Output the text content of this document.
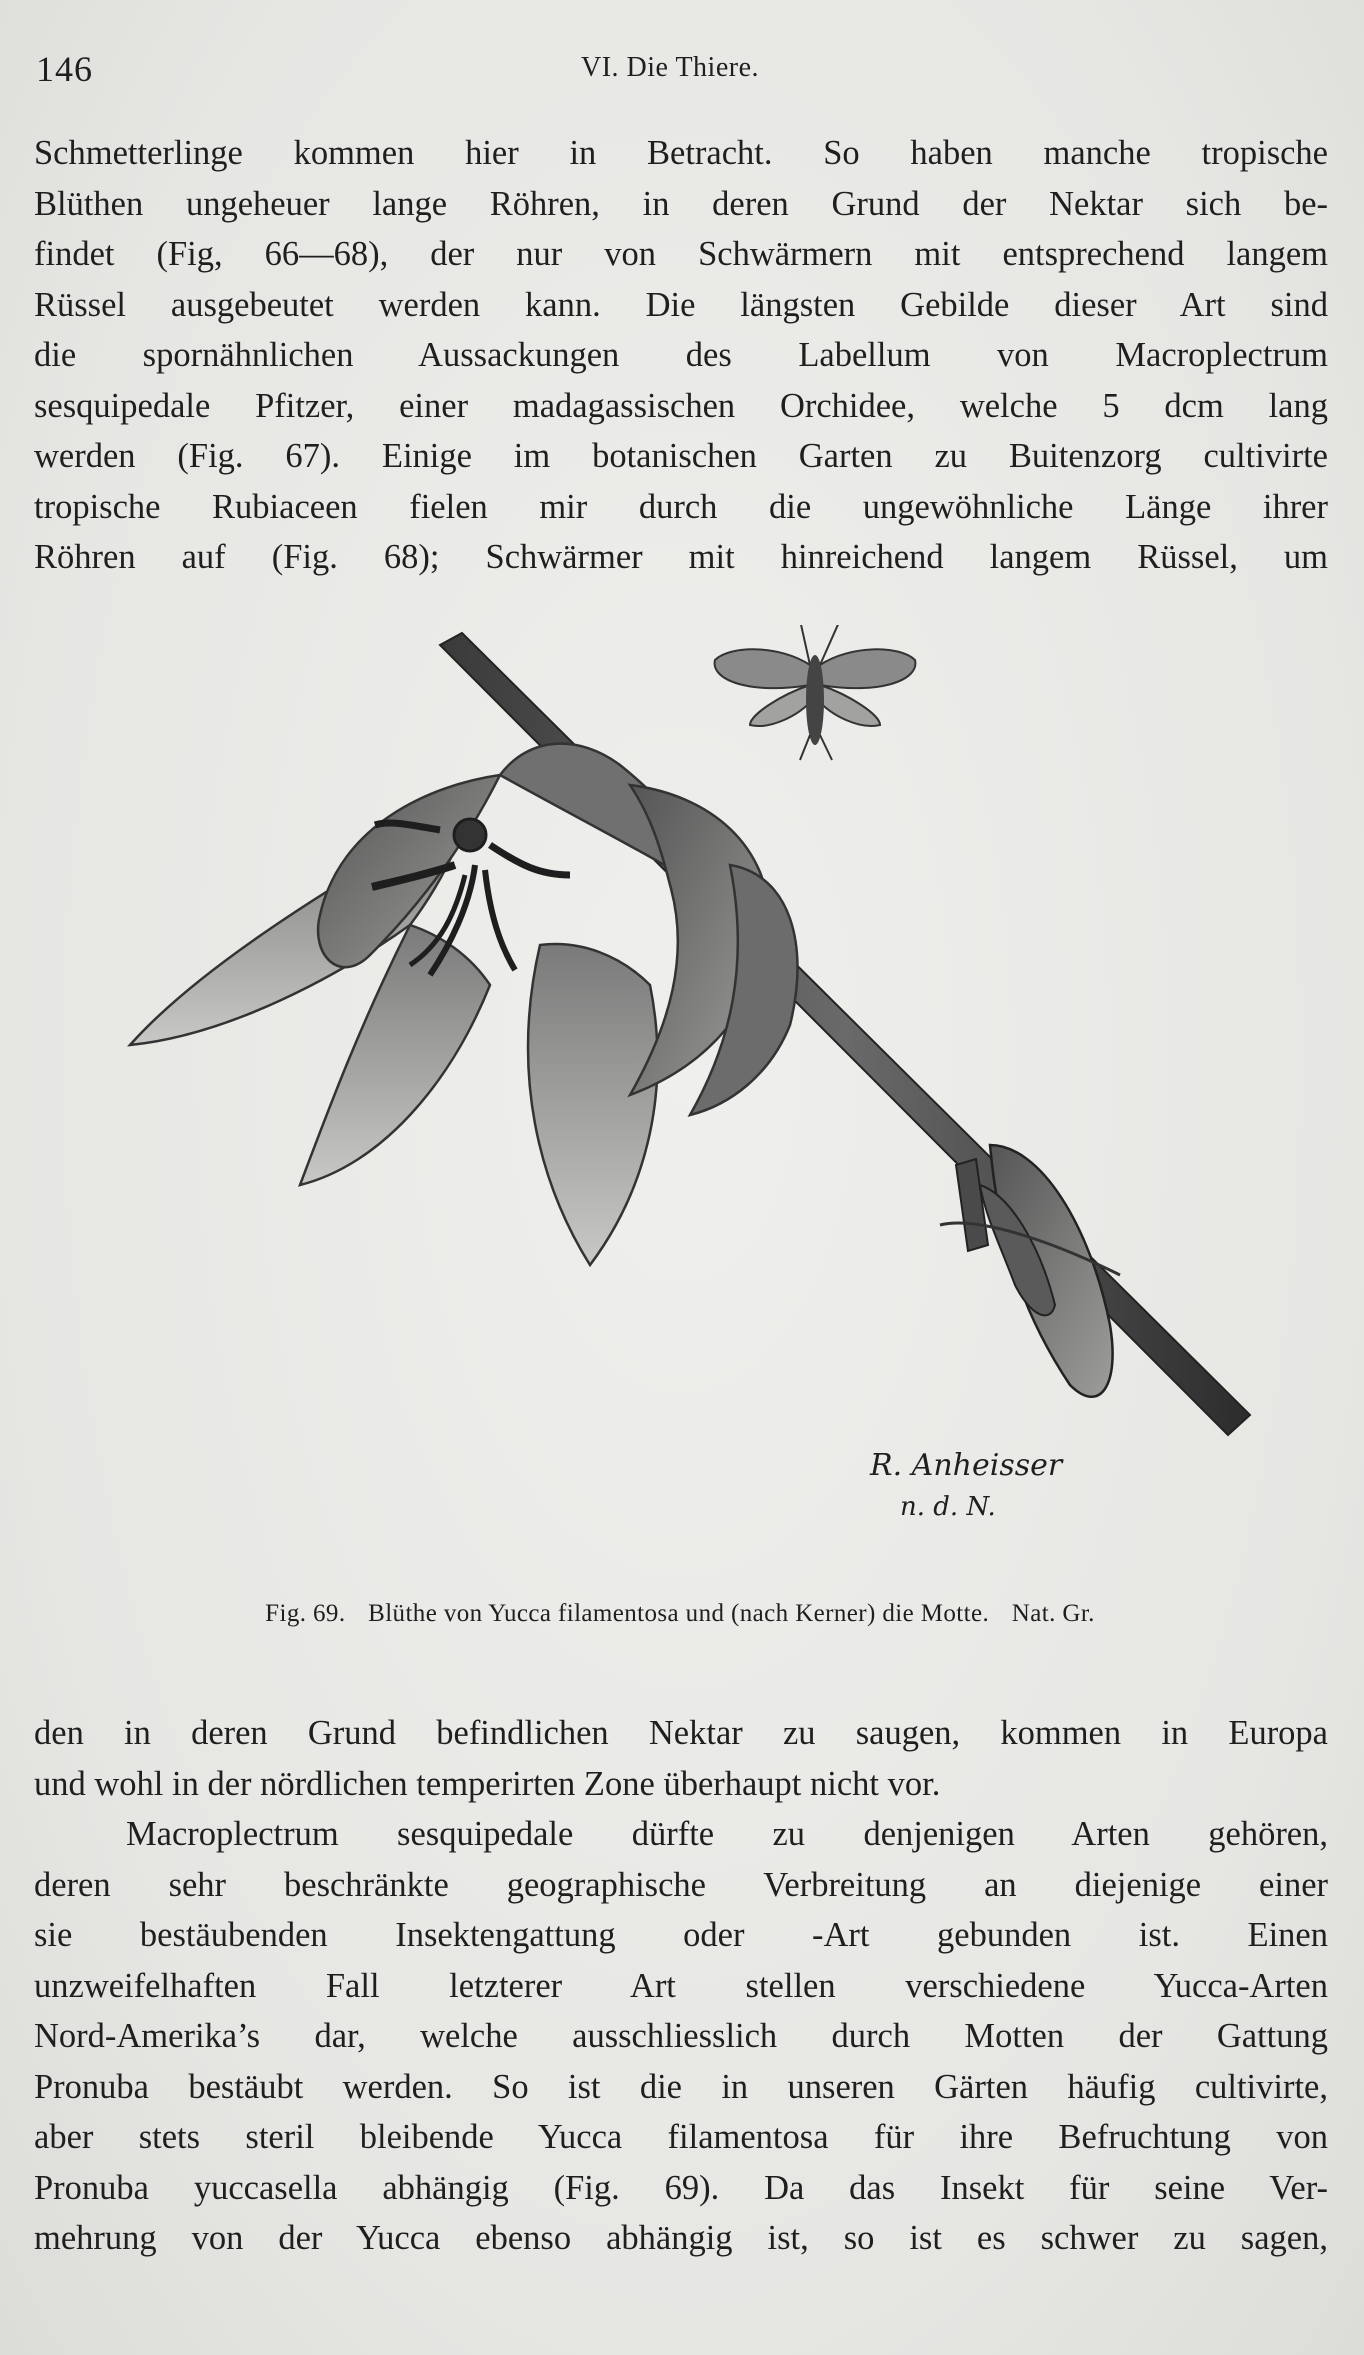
146	VI. Die Thiere.
Schmetterlinge kommen hier in Betracht. So haben manche tropische
Blüthen ungeheuer lange Röhren, in deren Grund der Nektar sich be-
findet (Fig, 66—68), der nur von Schwärmern mit entsprechend langem
Rüssel ausgebeutet werden kann. Die längsten Gebilde dieser Art sind
die spornähnlichen Aussackungen des Labellum von Macroplectrum
sesquipedale Pfitzer, einer madagassischen Orchidee, welche 5 dcm lang
werden (Fig. 67). Einige im botanischen Garten zu Buitenzorg cultivirte
tropische Rubiaceen fielen mir durch die ungewöhnliche Länge ihrer
Röhren auf (Fig. 68); Schwärmer mit hinreichend langem Rüssel, um
R. Anheisser
n. d. N.
Fig. 69. Blüthe von Yucca filamentosa und (nach Kerner) die Motte. Nat. Gr.
den in deren Grund befindlichen Nektar zu saugen, kommen in Europa
und wohl in der nördlichen temperirten Zone überhaupt nicht vor.
Macroplectrum sesquipedale dürfte zu denjenigen Arten gehören,
deren sehr beschränkte geographische Verbreitung an diejenige einer
sie bestäubenden Insektengattung oder -Art gebunden ist. Einen
unzweifelhaften Fall letzterer Art stellen verschiedene Yucca-Arten
Nord-Amerika’s dar, welche ausschliesslich durch Motten der Gattung
Pronuba bestäubt werden. So ist die in unseren Gärten häufig cultivirte,
aber stets steril bleibende Yucca filamentosa für ihre Befruchtung von
Pronuba yuccasella abhängig (Fig. 69). Da das Insekt für seine Ver-
mehrung von der Yucca ebenso abhängig ist, so ist es schwer zu sagen,
